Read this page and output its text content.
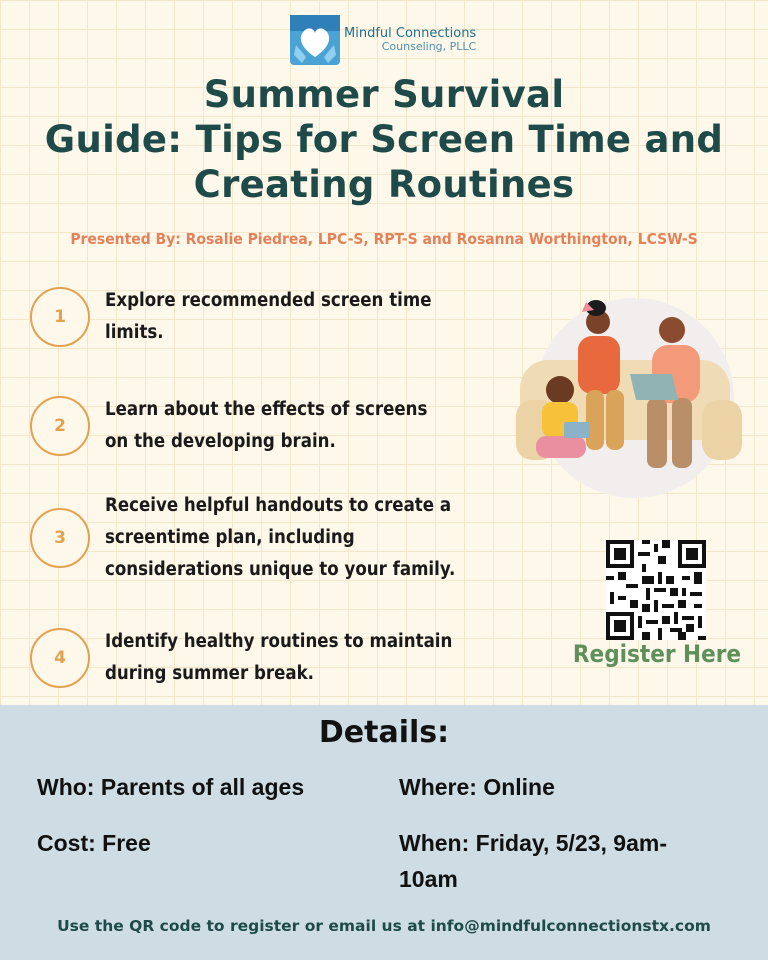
Mindful Connections
Counseling, PLLC
Summer Survival
Guide: Tips for Screen Time and
Creating Routines
Presented By: Rosalie Piedrea, LPC-S, RPT-S and Rosanna Worthington, LCSW-S
1
Explore recommended screen time
limits.
2
Learn about the effects of screens
on the developing brain.
3
Receive helpful handouts to create a
screentime plan, including
considerations unique to your family.
4
Identify healthy routines to maintain
during summer break.
Register Here
Details:
Who: Parents of all ages
Cost: Free
Where: Online
When: Friday, 5/23, 9am-
10am
Use the QR code to register or email us at info@mindfulconnectionstx.com
